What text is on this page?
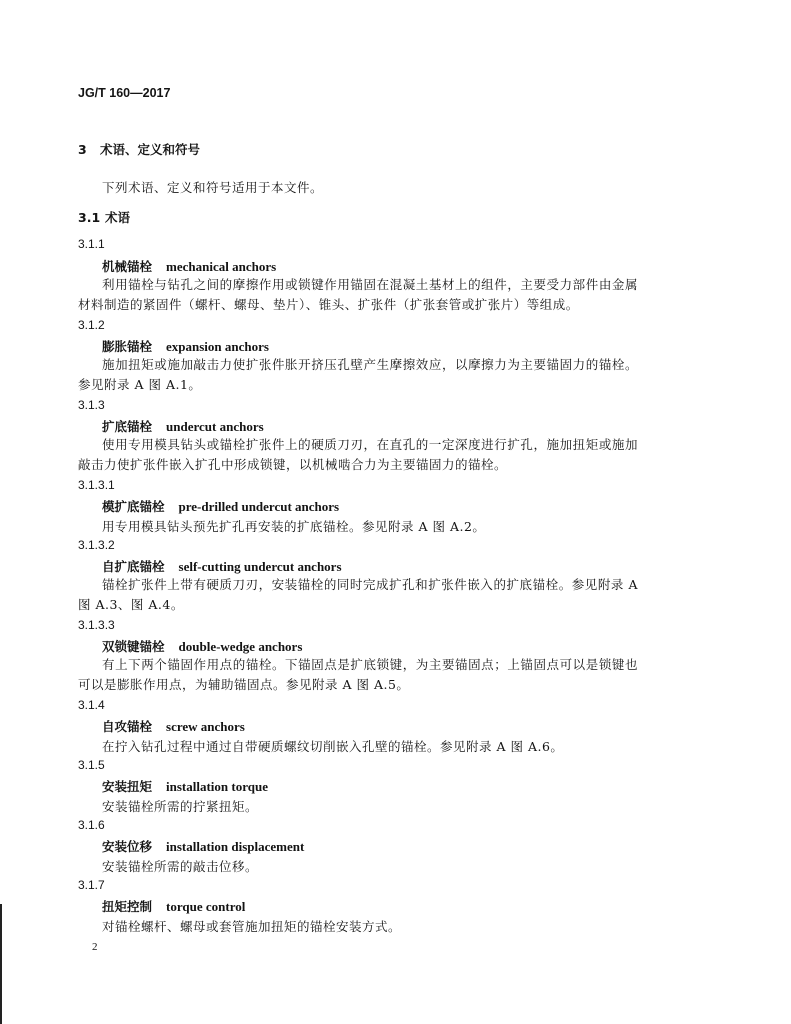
JG/T 160—2017
3 术语、定义和符号
下列术语、定义和符号适用于本文件。
3.1 术语
3.1.1
机械锚栓 mechanical anchors
利用锚栓与钻孔之间的摩擦作用或锁键作用锚固在混凝土基材上的组件，主要受力部件由金属材料制造的紧固件（螺杆、螺母、垫片）、锥头、扩张件（扩张套管或扩张片）等组成。
3.1.2
膨胀锚栓 expansion anchors
施加扭矩或施加敲击力使扩张件胀开挤压孔壁产生摩擦效应，以摩擦力为主要锚固力的锚栓。参见附录 A 图 A.1。
3.1.3
扩底锚栓 undercut anchors
使用专用模具钻头或锚栓扩张件上的硬质刀刃，在直孔的一定深度进行扩孔，施加扭矩或施加敲击力使扩张件嵌入扩孔中形成锁键，以机械啮合力为主要锚固力的锚栓。
3.1.3.1
模扩底锚栓 pre-drilled undercut anchors
用专用模具钻头预先扩孔再安装的扩底锚栓。参见附录 A 图 A.2。
3.1.3.2
自扩底锚栓 self-cutting undercut anchors
锚栓扩张件上带有硬质刀刃，安装锚栓的同时完成扩孔和扩张件嵌入的扩底锚栓。参见附录 A 图 A.3、图 A.4。
3.1.3.3
双锁键锚栓 double-wedge anchors
有上下两个锚固作用点的锚栓。下锚固点是扩底锁键，为主要锚固点；上锚固点可以是锁键也可以是膨胀作用点，为辅助锚固点。参见附录 A 图 A.5。
3.1.4
自攻锚栓 screw anchors
在拧入钻孔过程中通过自带硬质螺纹切削嵌入孔壁的锚栓。参见附录 A 图 A.6。
3.1.5
安装扭矩 installation torque
安装锚栓所需的拧紧扭矩。
3.1.6
安装位移 installation displacement
安装锚栓所需的敲击位移。
3.1.7
扭矩控制 torque control
对锚栓螺杆、螺母或套管施加扭矩的锚栓安装方式。
2
